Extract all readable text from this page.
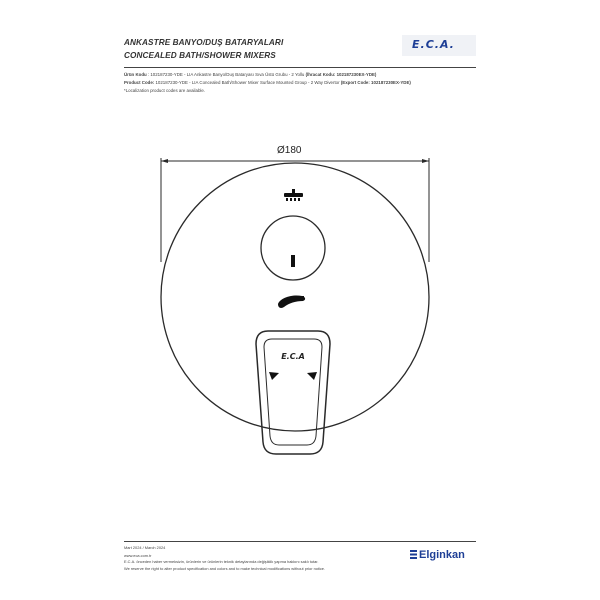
ANKASTRE BANYO/DUŞ BATARYALARI
CONCEALED BATH/SHOWER MIXERS
E.C.A.
Ürün Kodu : 102187230-YDE - LIA Ankastre Banyo/Duş Bataryası Sıva Üstü Grubu - 2 Yollu (İhracat Kodu: 102187230EX-YDE)
Product Code: 102187230-YDE - LIA Concealed Bath/Shower Mixer Surface Mounted Group - 2 Way Divertor (Export Code: 102187230EX-YDE)
*Localization product codes are available.
Ø180
E.C.A
Mart 2024 / March 2024
www.eca.com.tr
E.C.A. önceden haber vermeksizin, ürünlerin ve ürünlerin teknik detaylarında değişiklik yapma hakkını saklı tutar.
We reserve the right to alter product specification and colors and to make technical modifications without prior notice.
Elginkan
